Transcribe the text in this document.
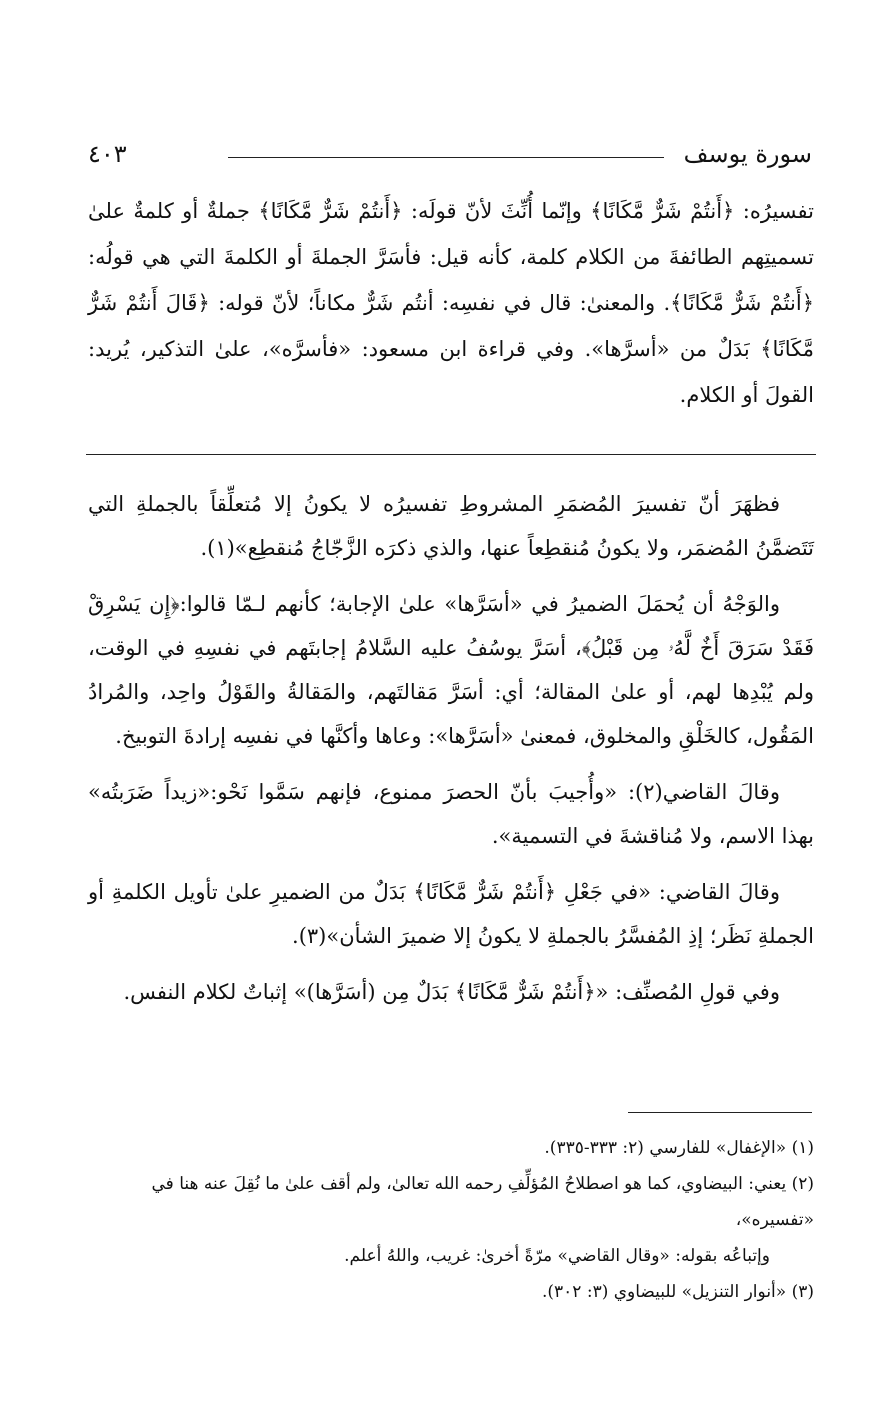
سورة يوسف
٤٠٣

تفسيرُه: ﴿أَنتُمْ شَرٌّ مَّكَانًا﴾ وإنّما أُنِّثَ لأنّ قولَه: ﴿أَنتُمْ شَرٌّ مَّكَانًا﴾ جملةٌ أو كلمةٌ علىٰ تسميتِهم الطائفةَ من الكلام كلمة، كأنه قيل: فأسَرَّ الجملةَ أو الكلمةَ التي هي قولُه: ﴿أَنتُمْ شَرٌّ مَّكَانًا﴾. والمعنىٰ: قال في نفسِه: أنتُم شَرٌّ مكاناً؛ لأنّ قوله: ﴿قَالَ أَنتُمْ شَرٌّ مَّكَانًا﴾ بَدَلٌ من «أسرَّها». وفي قراءة ابن مسعود: «فأسرَّه»، علىٰ التذكير، يُريد: القولَ أو الكلام.

فظهَرَ أنّ تفسيرَ المُضمَرِ المشروطِ تفسيرُه لا يكونُ إلا مُتعلِّقاً بالجملةِ التي تَتَضمَّنُ المُضمَر، ولا يكونُ مُنقطِعاً عنها، والذي ذكرَه الزَّجّاجُ مُنقطِع»(١).

والوَجْهُ أن يُحمَلَ الضميرُ في «أسَرَّها» علىٰ الإجابة؛ كأنهم لـمّا قالوا:﴿إِن يَسْرِقْ فَقَدْ سَرَقَ أَخٌ لَّهُۥ مِن قَبْلُ﴾، أسَرَّ يوسُفُ عليه السَّلامُ إجابتَهم في نفسِهِ في الوقت، ولم يُبْدِها لهم، أو علىٰ المقالة؛ أي: أسَرَّ مَقالتَهم، والمَقالةُ والقَوْلُ واحِد، والمُرادُ المَقُول، كالخَلْقِ والمخلوق، فمعنىٰ «أسَرَّها»: وعاها وأكنَّها في نفسِه إرادةَ التوبيخ.

وقالَ القاضي(٢): «وأُجيبَ بأنّ الحصرَ ممنوع، فإنهم سَمَّوا نَحْو:«زيداً ضَرَبتُه» بهذا الاسم، ولا مُناقشةَ في التسمية».

وقالَ القاضي: «في جَعْلِ ﴿أَنتُمْ شَرٌّ مَّكَانًا﴾ بَدَلٌ من الضميرِ علىٰ تأويل الكلمةِ أو الجملةِ نَظَر؛ إذِ المُفسَّرُ بالجملةِ لا يكونُ إلا ضميرَ الشأن»(٣).

وفي قولِ المُصنِّف: «﴿أَنتُمْ شَرٌّ مَّكَانًا﴾ بَدَلٌ مِن (أسَرَّها)» إثباتٌ لكلام النفس.

(١) «الإغفال» للفارسي (٢: ٣٣٣-٣٣٥).

(٢) يعني: البيضاوي، كما هو اصطلاحُ المُؤلِّفِ رحمه الله تعالىٰ، ولم أقف علىٰ ما نُقِلَ عنه هنا في «تفسيره»،

وإتباعُه بقوله: «وقال القاضي» مرّةً أخرىٰ: غريب، واللهُ أعلم.

(٣) «أنوار التنزيل» للبيضاوي (٣: ٣٠٢).
